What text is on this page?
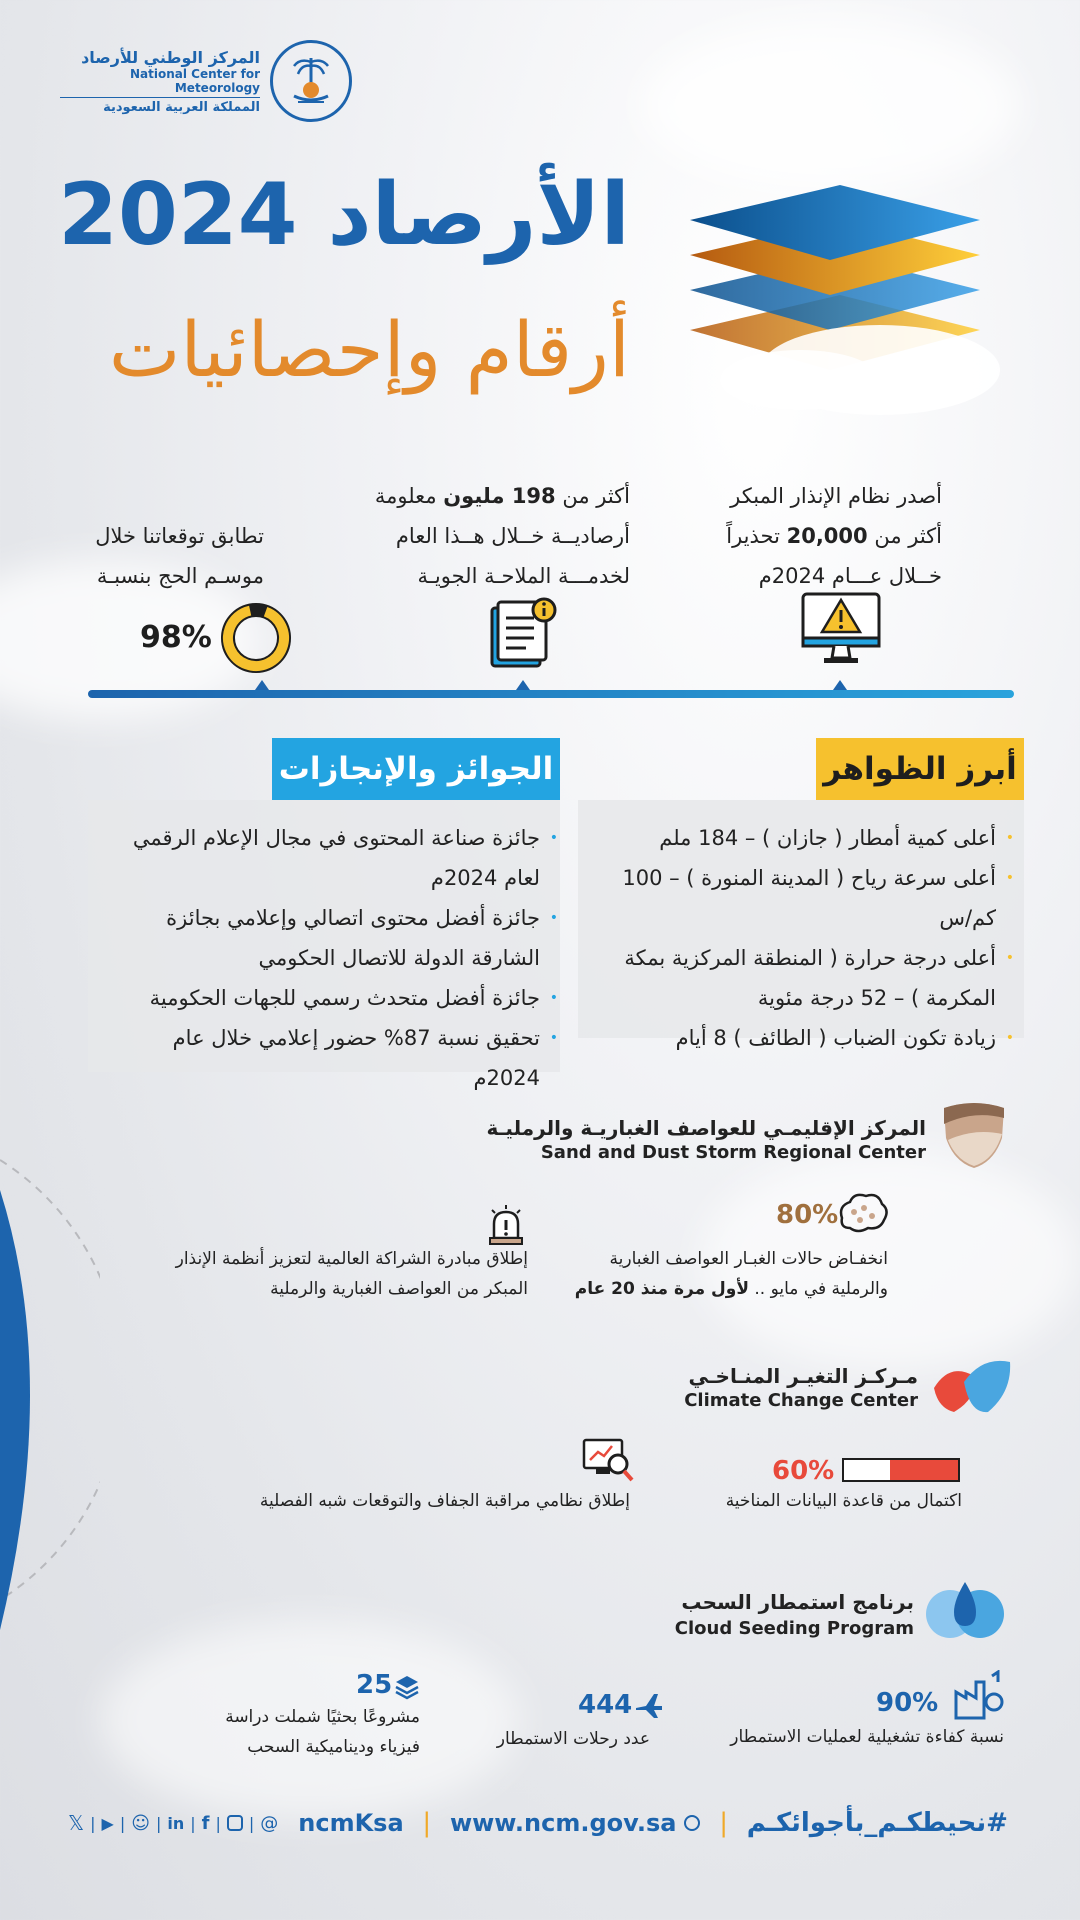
المركز الوطني للأرصاد
National Center for Meteorology
المملكة العربية السعودية
الأرصاد 2024
أرقام وإحصائيات
أصدر نظام الإنذار المبكر
أكثر من 20,000 تحذيراً
خــلال عـــام 2024م
أكثر من 198 مليون معلومة
أرصاديــة خــلال هــذا العام
لخدمـــة الملاحـة الجويـة
تطابق توقعاتنا خلال
موسـم الحج بنسبـة
98%
أبرز الظواهر
• أعلى كمية أمطار ( جازان ) – 184 ملم
• أعلى سرعة رياح ( المدينة المنورة ) – 100 كم/س
• أعلى درجة حرارة ( المنطقة المركزية بمكة المكرمة ) – 52 درجة مئوية
• زيادة تكون الضباب ( الطائف ) 8 أيام
الجوائز والإنجازات
• جائزة صناعة المحتوى في مجال الإعلام الرقمي لعام 2024م
• جائزة أفضل محتوى اتصالي وإعلامي بجائزة الشارقة الدولة للاتصال الحكومي
• جائزة أفضل متحدث رسمي للجهات الحكومية
• تحقيق نسبة 87% حضور إعلامي خلال عام 2024م
المركز الإقليمـي للعواصف الغباريـة والرمليـة
Sand and Dust Storm Regional Center
80%
انخفـاض حالات الغبـار العواصف الغبارية
والرملية في مايو .. لأول مرة منذ 20 عام
إطلاق مبادرة الشراكة العالمية لتعزيز أنظمة الإنذار
المبكر من العواصف الغبارية والرملية
مـركـز التغيـر المنـاخـي
Climate Change Center
60%
اكتمال من قاعدة البيانات المناخية
إطلاق نظامي مراقبة الجفاف والتوقعات شبه الفصلية
برنامج استمطار السحب
Cloud Seeding Program
90%
نسبة كفاءة تشغيلية لعمليات الاستمطار
444
عدد رحلات الاستمطار
25
مشروعًا بحثيًا شملت دراسة
فيزياء وديناميكية السحب
𝕏 | ▶ | ☺ | in | f | | @ ncmKsa | www.ncm.gov.sa | #نحيطكـم_بأجوائكـم
